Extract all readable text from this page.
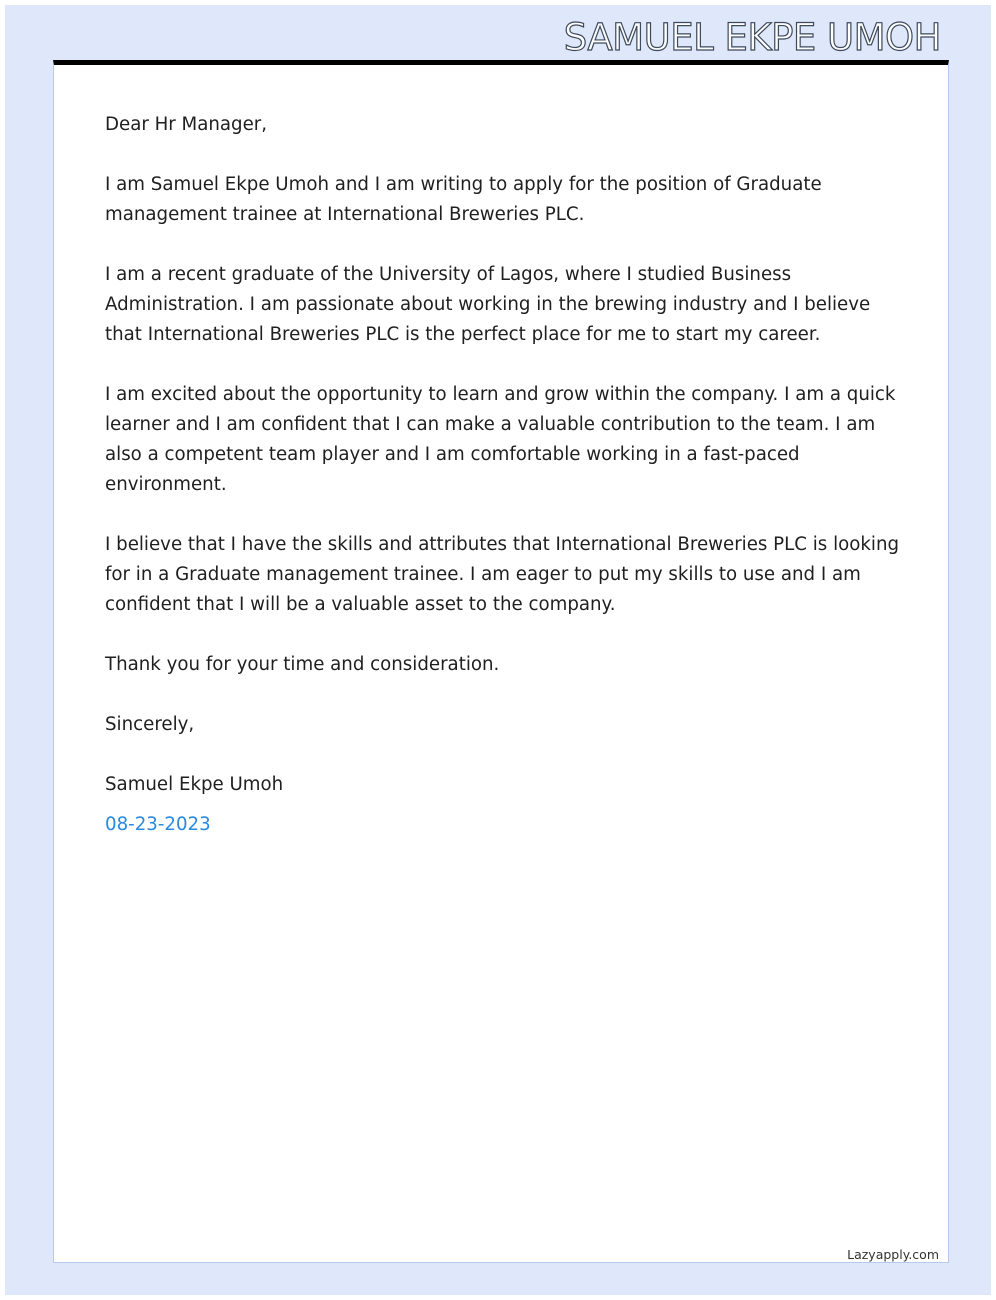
SAMUEL EKPE UMOH

Dear Hr Manager,

I am Samuel Ekpe Umoh and I am writing to apply for the position of Graduate management trainee at International Breweries PLC.

I am a recent graduate of the University of Lagos, where I studied Business Administration. I am passionate about working in the brewing industry and I believe that International Breweries PLC is the perfect place for me to start my career.

I am excited about the opportunity to learn and grow within the company. I am a quick learner and I am confident that I can make a valuable contribution to the team. I am also a competent team player and I am comfortable working in a fast-paced environment.

I believe that I have the skills and attributes that International Breweries PLC is looking for in a Graduate management trainee. I am eager to put my skills to use and I am confident that I will be a valuable asset to the company.

Thank you for your time and consideration.

Sincerely,

Samuel Ekpe Umoh

08-23-2023

Lazyapply.com
